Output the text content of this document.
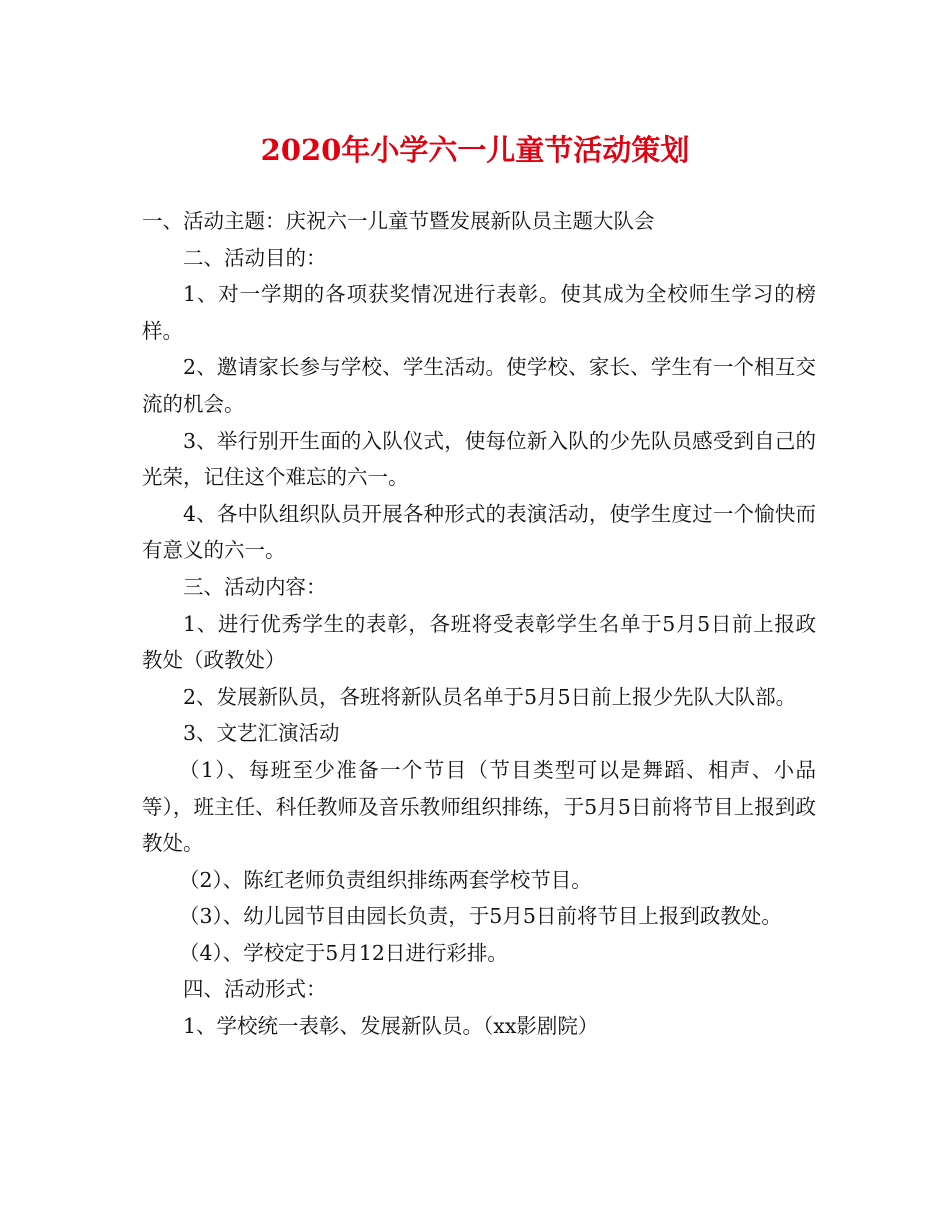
2020年小学六一儿童节活动策划

一、活动主题：庆祝六一儿童节暨发展新队员主题大队会

二、活动目的：

1、对一学期的各项获奖情况进行表彰。使其成为全校师生学习的榜样。

2、邀请家长参与学校、学生活动。使学校、家长、学生有一个相互交流的机会。

3、举行别开生面的入队仪式，使每位新入队的少先队员感受到自己的光荣，记住这个难忘的六一。

4、各中队组织队员开展各种形式的表演活动，使学生度过一个愉快而有意义的六一。

三、活动内容：

1、进行优秀学生的表彰，各班将受表彰学生名单于5月5日前上报政教处（政教处）

2、发展新队员，各班将新队员名单于5月5日前上报少先队大队部。

3、文艺汇演活动

（1）、每班至少准备一个节目（节目类型可以是舞蹈、相声、小品等），班主任、科任教师及音乐教师组织排练，于5月5日前将节目上报到政教处。

（2）、陈红老师负责组织排练两套学校节目。

（3）、幼儿园节目由园长负责，于5月5日前将节目上报到政教处。

（4）、学校定于5月12日进行彩排。

四、活动形式：

1、学校统一表彰、发展新队员。（xx影剧院）
